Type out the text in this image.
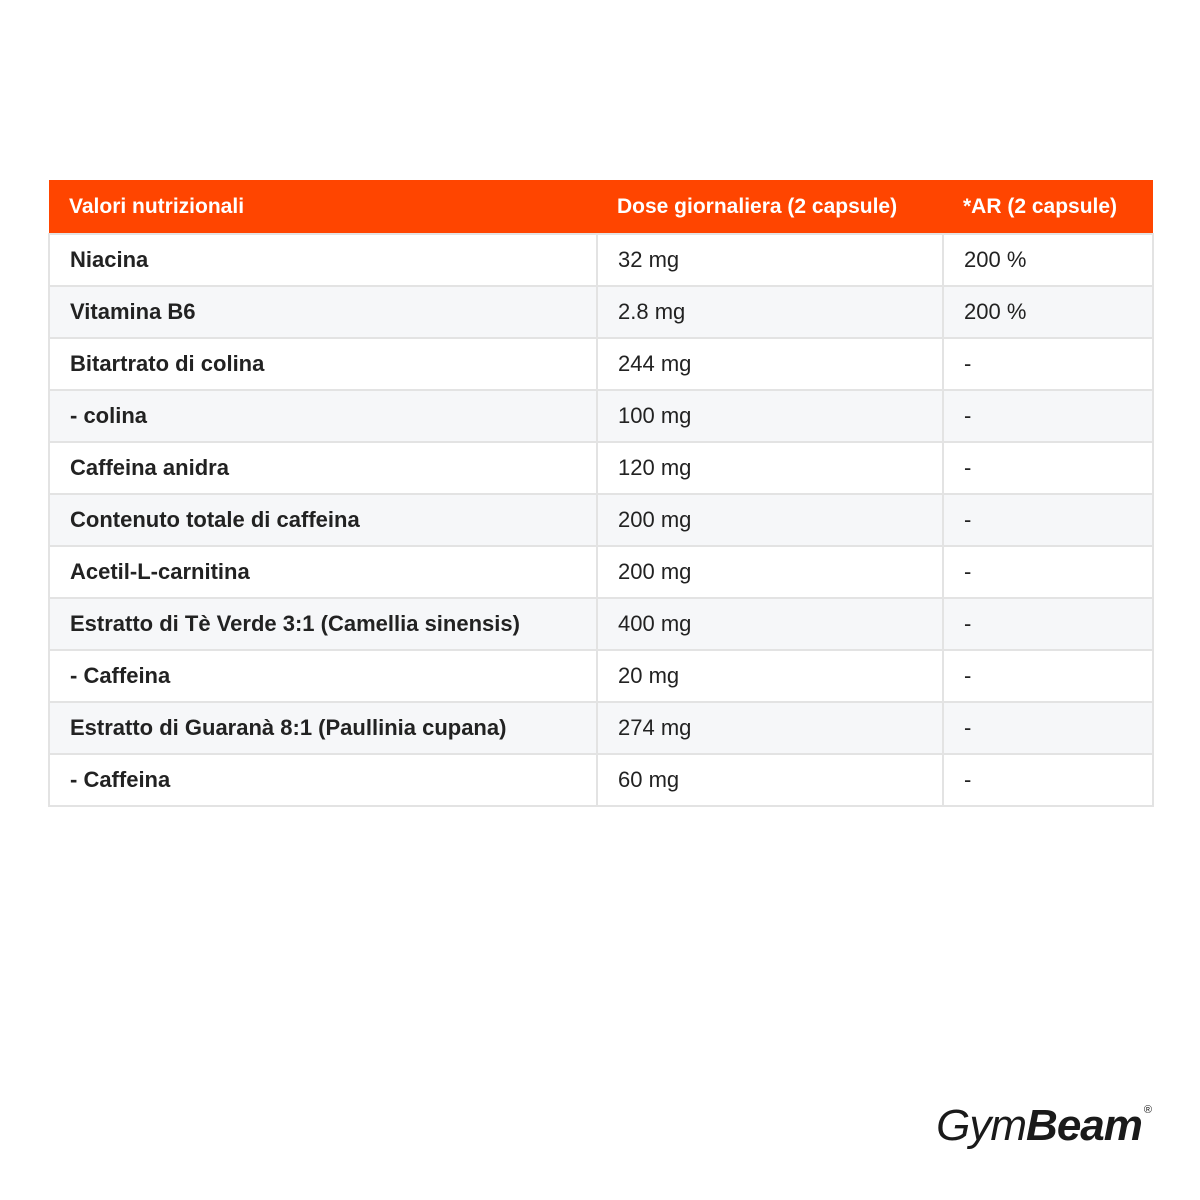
Valori nutrizionali	Dose giornaliera (2 capsule)	*AR (2 capsule)
Niacina	32 mg	200 %
Vitamina B6	2.8 mg	200 %
Bitartrato di colina	244 mg	-
- colina	100 mg	-
Caffeina anidra	120 mg	-
Contenuto totale di caffeina	200 mg	-
Acetil-L-carnitina	200 mg	-
Estratto di Tè Verde 3:1 (Camellia sinensis)	400 mg	-
- Caffeina	20 mg	-
Estratto di Guaranà 8:1 (Paullinia cupana)	274 mg	-
- Caffeina	60 mg	-
Gym Beam ®
